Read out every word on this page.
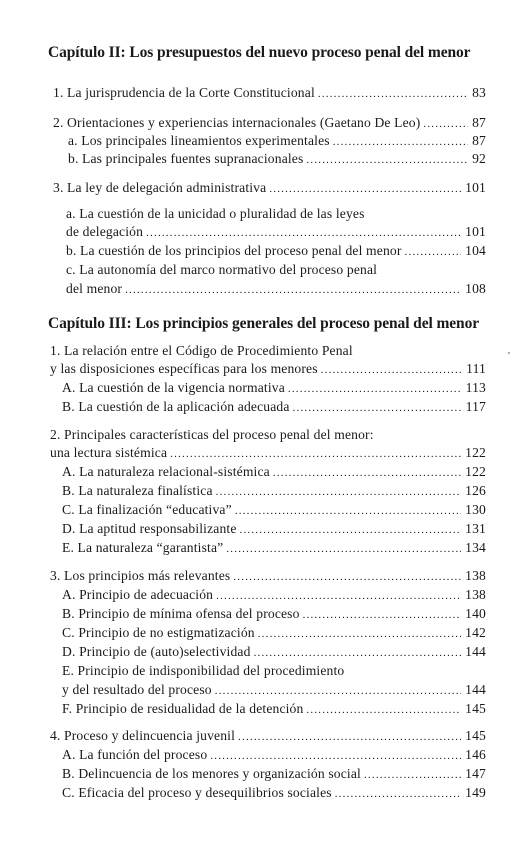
Capítulo II: Los presupuestos del nuevo proceso penal del menor
1. La jurisprudencia de la Corte Constitucional .....	83
2. Orientaciones y experiencias internacionales (Gaetano De Leo) .....	87
a. Los principales lineamientos experimentales .....	87
b. Las principales fuentes supranacionales .....	92
3. La ley de delegación administrativa .....	101
a. La cuestión de la unicidad o pluralidad de las leyes
de delegación .....	101
b. La cuestión de los principios del proceso penal del menor .....	104
c. La autonomía del marco normativo del proceso penal
del menor .....	108
Capítulo III: Los principios generales del proceso penal del menor
1. La relación entre el Código de Procedimiento Penal	'
y las disposiciones específicas para los menores .....	111
A. La cuestión de la vigencia normativa .....	113
B. La cuestión de la aplicación adecuada .....	117
2. Principales características del proceso penal del menor:
una lectura sistémica .....	122
A. La naturaleza relacional-sistémica .....	122
B. La naturaleza finalística .....	126
C. La finalización “educativa” .....	130
D. La aptitud responsabilizante .....	131
E. La naturaleza “garantista” .....	134
3. Los principios más relevantes .....	138
A. Principio de adecuación .....	138
B. Principio de mínima ofensa del proceso .....	140
C. Principio de no estigmatización .....	142
D. Principio de (auto)selectividad .....	144
E. Principio de indisponibilidad del procedimiento
y del resultado del proceso .....	144
F. Principio de residualidad de la detención .....	145
4. Proceso y delincuencia juvenil .....	145
A. La función del proceso .....	146
B. Delincuencia de los menores y organización social .....	147
C. Eficacia del proceso y desequilibrios sociales .....	149
